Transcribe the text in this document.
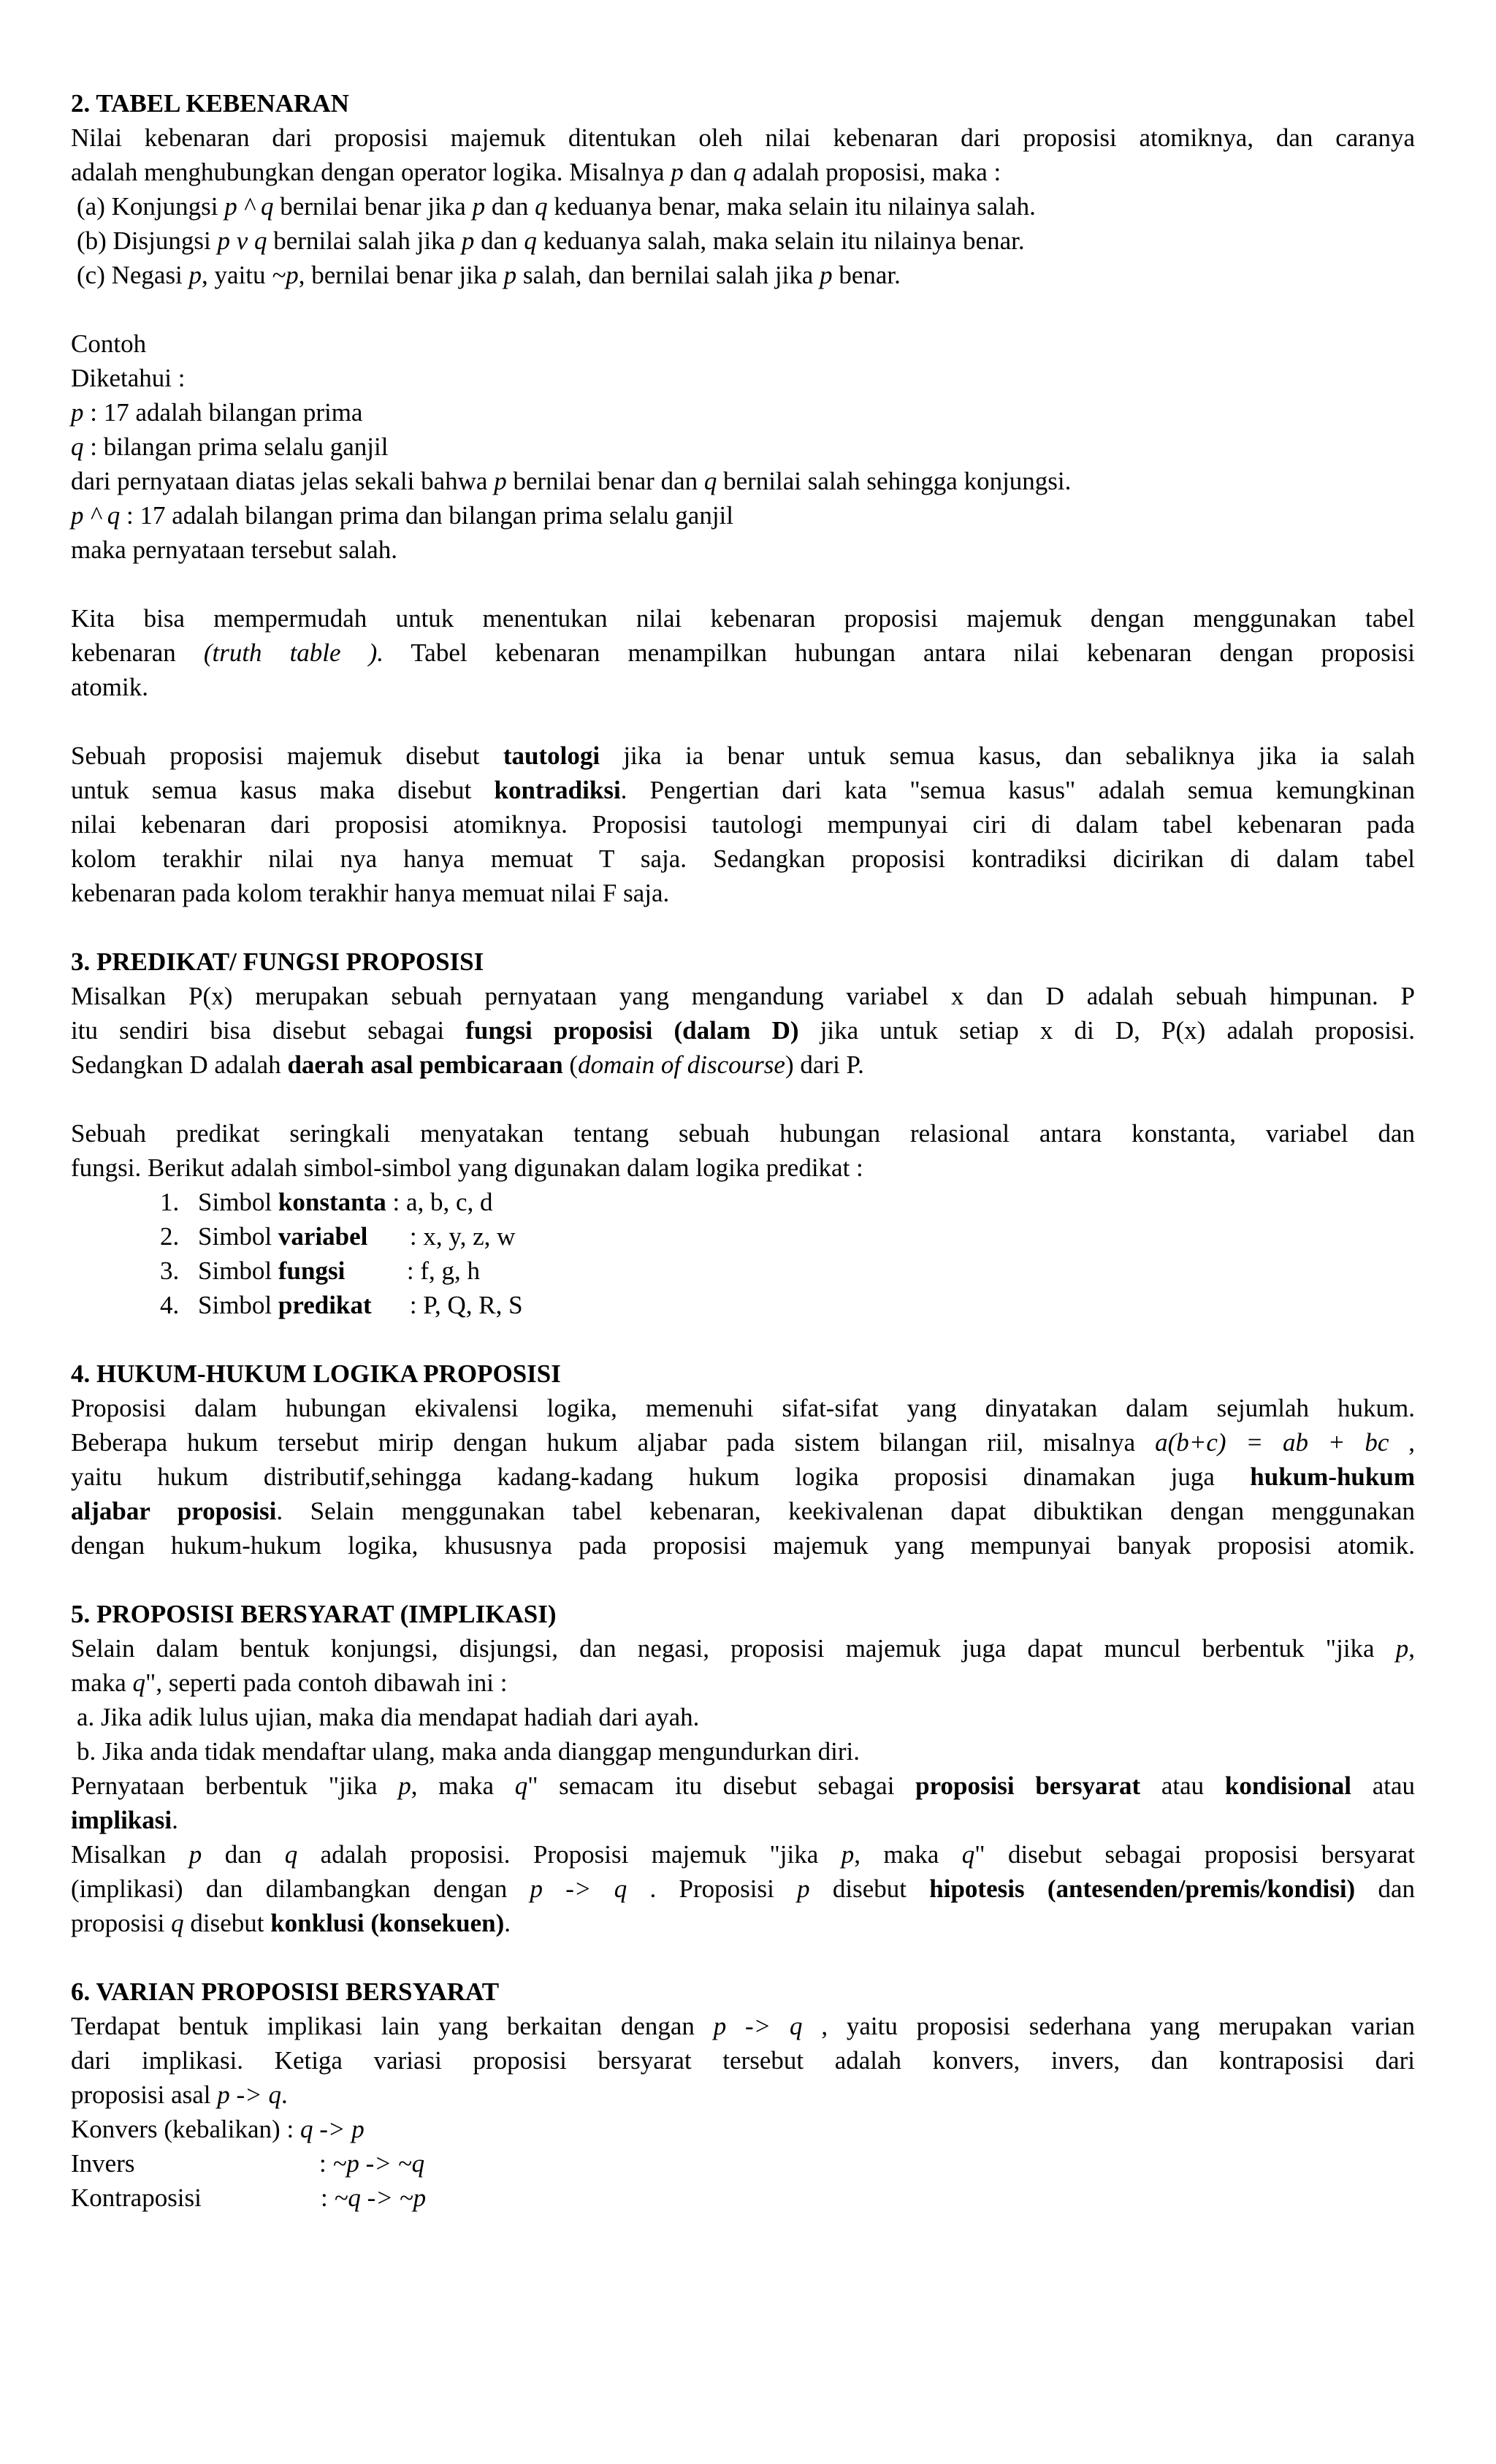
2. TABEL KEBENARAN
Nilai kebenaran dari proposisi majemuk ditentukan oleh nilai kebenaran dari proposisi atomiknya, dan caranya
adalah menghubungkan dengan operator logika. Misalnya p dan q adalah proposisi, maka :
(a) Konjungsi p ^ q bernilai benar jika p dan q keduanya benar, maka selain itu nilainya salah.
(b) Disjungsi p v q bernilai salah jika p dan q keduanya salah, maka selain itu nilainya benar.
(c) Negasi p, yaitu ~p, bernilai benar jika p salah, dan bernilai salah jika p benar.
Contoh
Diketahui :
p : 17 adalah bilangan prima
q : bilangan prima selalu ganjil
dari pernyataan diatas jelas sekali bahwa p bernilai benar dan q bernilai salah sehingga konjungsi.
p ^ q : 17 adalah bilangan prima dan bilangan prima selalu ganjil
maka pernyataan tersebut salah.
Kita bisa mempermudah untuk menentukan nilai kebenaran proposisi majemuk dengan menggunakan tabel
kebenaran (truth table ). Tabel kebenaran menampilkan hubungan antara nilai kebenaran dengan proposisi
atomik.
Sebuah proposisi majemuk disebut tautologi jika ia benar untuk semua kasus, dan sebaliknya jika ia salah
untuk semua kasus maka disebut kontradiksi. Pengertian dari kata "semua kasus" adalah semua kemungkinan
nilai kebenaran dari proposisi atomiknya. Proposisi tautologi mempunyai ciri di dalam tabel kebenaran pada
kolom terakhir nilai nya hanya memuat T saja. Sedangkan proposisi kontradiksi dicirikan di dalam tabel
kebenaran pada kolom terakhir hanya memuat nilai F saja.
3. PREDIKAT/ FUNGSI PROPOSISI
Misalkan P(x) merupakan sebuah pernyataan yang mengandung variabel x dan D adalah sebuah himpunan. P
itu sendiri bisa disebut sebagai fungsi proposisi (dalam D) jika untuk setiap x di D, P(x) adalah proposisi.
Sedangkan D adalah daerah asal pembicaraan (domain of discourse) dari P.
Sebuah predikat seringkali menyatakan tentang sebuah hubungan relasional antara konstanta, variabel dan
fungsi. Berikut adalah simbol-simbol yang digunakan dalam logika predikat :
1. Simbol konstanta : a, b, c, d
2. Simbol variabel : x, y, z, w
3. Simbol fungsi : f, g, h
4. Simbol predikat : P, Q, R, S
4. HUKUM-HUKUM LOGIKA PROPOSISI
Proposisi dalam hubungan ekivalensi logika, memenuhi sifat-sifat yang dinyatakan dalam sejumlah hukum.
Beberapa hukum tersebut mirip dengan hukum aljabar pada sistem bilangan riil, misalnya a(b+c) = ab + bc ,
yaitu hukum distributif,sehingga kadang-kadang hukum logika proposisi dinamakan juga hukum-hukum
aljabar proposisi. Selain menggunakan tabel kebenaran, keekivalenan dapat dibuktikan dengan menggunakan
dengan hukum-hukum logika, khususnya pada proposisi majemuk yang mempunyai banyak proposisi atomik.
5. PROPOSISI BERSYARAT (IMPLIKASI)
Selain dalam bentuk konjungsi, disjungsi, dan negasi, proposisi majemuk juga dapat muncul berbentuk "jika p,
maka q", seperti pada contoh dibawah ini :
a. Jika adik lulus ujian, maka dia mendapat hadiah dari ayah.
b. Jika anda tidak mendaftar ulang, maka anda dianggap mengundurkan diri.
Pernyataan berbentuk "jika p, maka q" semacam itu disebut sebagai proposisi bersyarat atau kondisional atau
implikasi.
Misalkan p dan q adalah proposisi. Proposisi majemuk "jika p, maka q" disebut sebagai proposisi bersyarat
(implikasi) dan dilambangkan dengan p -> q . Proposisi p disebut hipotesis (antesenden/premis/kondisi) dan
proposisi q disebut konklusi (konsekuen).
6. VARIAN PROPOSISI BERSYARAT
Terdapat bentuk implikasi lain yang berkaitan dengan p -> q , yaitu proposisi sederhana yang merupakan varian
dari implikasi. Ketiga variasi proposisi bersyarat tersebut adalah konvers, invers, dan kontraposisi dari
proposisi asal p -> q.
Konvers (kebalikan) : q -> p
Invers	: ~p -> ~q
Kontraposisi	: ~q -> ~p
